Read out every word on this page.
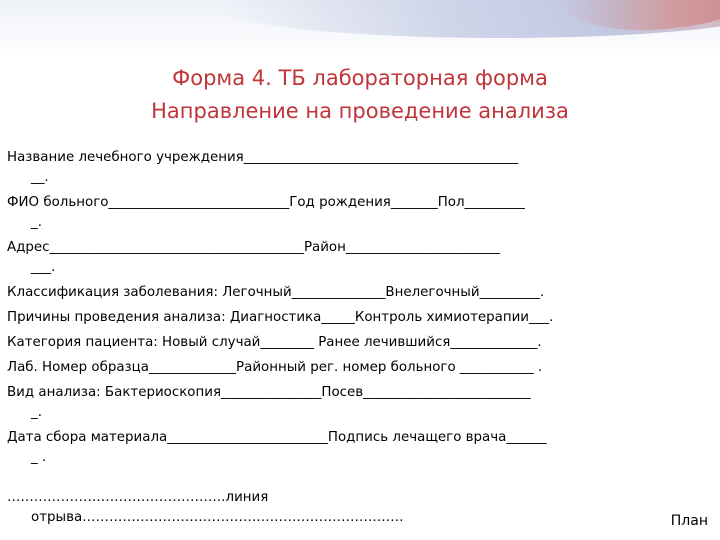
Форма 4. ТБ лабораторная форма
Направление на проведение анализа
Название лечебного учреждения_________________________________________
__.
ФИО больного___________________________Год рождения_______Пол_________
_.
Адрес______________________________________Район_______________________
___.
Классификация заболевания: Легочный______________Внелегочный_________.
Причины проведения анализа: Диагностика_____Контроль химиотерапии___.
Категория пациента: Новый случай________ Ранее лечившийся_____________.
Лаб. Номер образца_____________Районный рег. номер больного ___________ .
Вид анализа: Бактериоскопия_______________Посев_________________________
_.
Дата сбора материала________________________Подпись лечащего врача______
_ .
………………………………………….линия
отрыва………………………………………………………………	План
